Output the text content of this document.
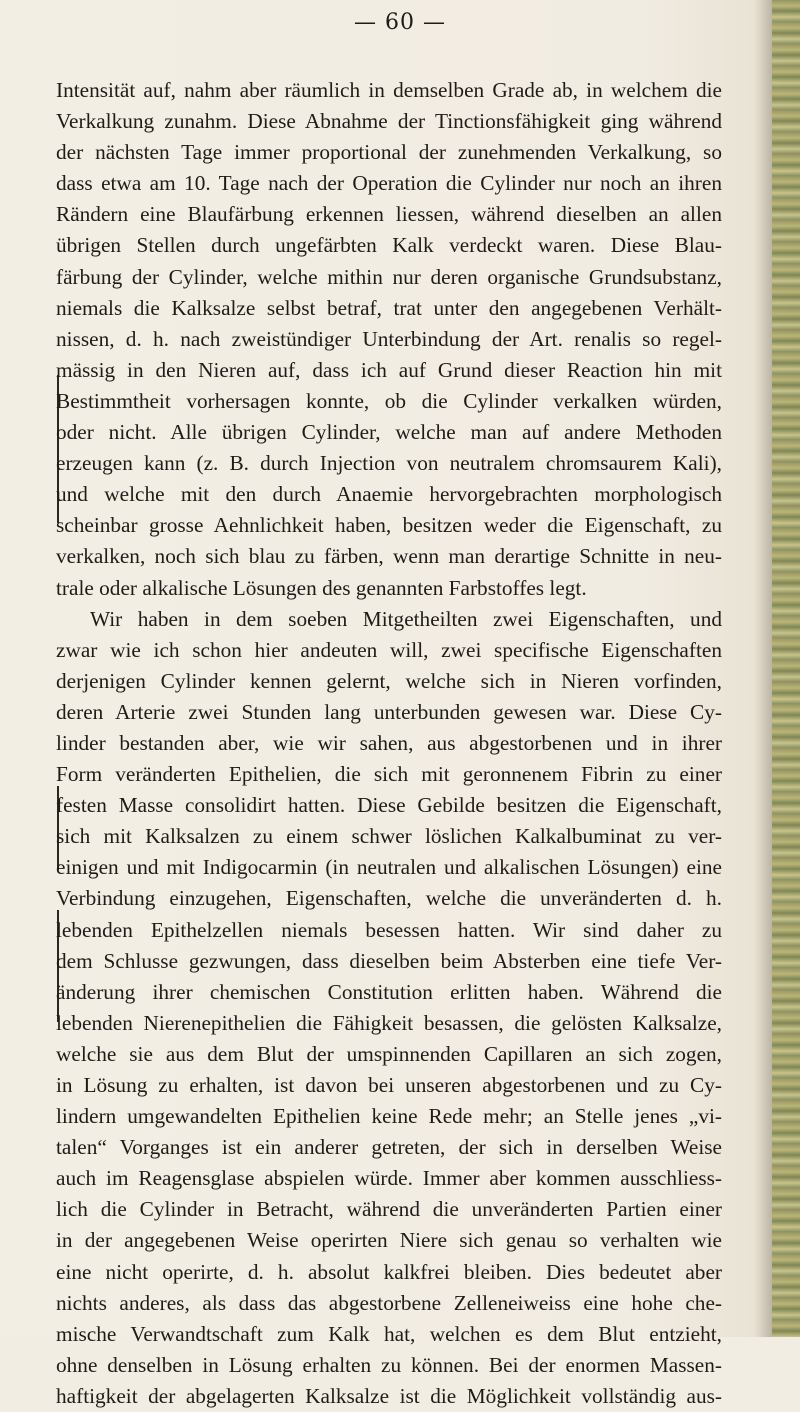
— 60 —
Intensität auf, nahm aber räumlich in demselben Grade ab, in welchem die
Verkalkung zunahm. Diese Abnahme der Tinctionsfähigkeit ging während
der nächsten Tage immer proportional der zunehmenden Verkalkung, so
dass etwa am 10. Tage nach der Operation die Cylinder nur noch an ihren
Rändern eine Blaufärbung erkennen liessen, während dieselben an allen
übrigen Stellen durch ungefärbten Kalk verdeckt waren. Diese Blau-
färbung der Cylinder, welche mithin nur deren organische Grundsubstanz,
niemals die Kalksalze selbst betraf, trat unter den angegebenen Verhält-
nissen, d. h. nach zweistündiger Unterbindung der Art. renalis so regel-
mässig in den Nieren auf, dass ich auf Grund dieser Reaction hin mit
Bestimmtheit vorhersagen konnte, ob die Cylinder verkalken würden,
oder nicht. Alle übrigen Cylinder, welche man auf andere Methoden
erzeugen kann (z. B. durch Injection von neutralem chromsaurem Kali),
und welche mit den durch Anaemie hervorgebrachten morphologisch
scheinbar grosse Aehnlichkeit haben, besitzen weder die Eigenschaft, zu
verkalken, noch sich blau zu färben, wenn man derartige Schnitte in neu-
trale oder alkalische Lösungen des genannten Farbstoffes legt.
Wir haben in dem soeben Mitgetheilten zwei Eigenschaften, und
zwar wie ich schon hier andeuten will, zwei specifische Eigenschaften
derjenigen Cylinder kennen gelernt, welche sich in Nieren vorfinden,
deren Arterie zwei Stunden lang unterbunden gewesen war. Diese Cy-
linder bestanden aber, wie wir sahen, aus abgestorbenen und in ihrer
Form veränderten Epithelien, die sich mit geronnenem Fibrin zu einer
festen Masse consolidirt hatten. Diese Gebilde besitzen die Eigenschaft,
sich mit Kalksalzen zu einem schwer löslichen Kalkalbuminat zu ver-
einigen und mit Indigocarmin (in neutralen und alkalischen Lösungen) eine
Verbindung einzugehen, Eigenschaften, welche die unveränderten d. h.
lebenden Epithelzellen niemals besessen hatten. Wir sind daher zu
dem Schlusse gezwungen, dass dieselben beim Absterben eine tiefe Ver-
änderung ihrer chemischen Constitution erlitten haben. Während die
lebenden Nierenepithelien die Fähigkeit besassen, die gelösten Kalksalze,
welche sie aus dem Blut der umspinnenden Capillaren an sich zogen,
in Lösung zu erhalten, ist davon bei unseren abgestorbenen und zu Cy-
lindern umgewandelten Epithelien keine Rede mehr; an Stelle jenes „vi-
talen“ Vorganges ist ein anderer getreten, der sich in derselben Weise
auch im Reagensglase abspielen würde. Immer aber kommen ausschliess-
lich die Cylinder in Betracht, während die unveränderten Partien einer
in der angegebenen Weise operirten Niere sich genau so verhalten wie
eine nicht operirte, d. h. absolut kalkfrei bleiben. Dies bedeutet aber
nichts anderes, als dass das abgestorbene Zelleneiweiss eine hohe che-
mische Verwandtschaft zum Kalk hat, welchen es dem Blut entzieht,
ohne denselben in Lösung erhalten zu können. Bei der enormen Massen-
haftigkeit der abgelagerten Kalksalze ist die Möglichkeit vollständig aus-
